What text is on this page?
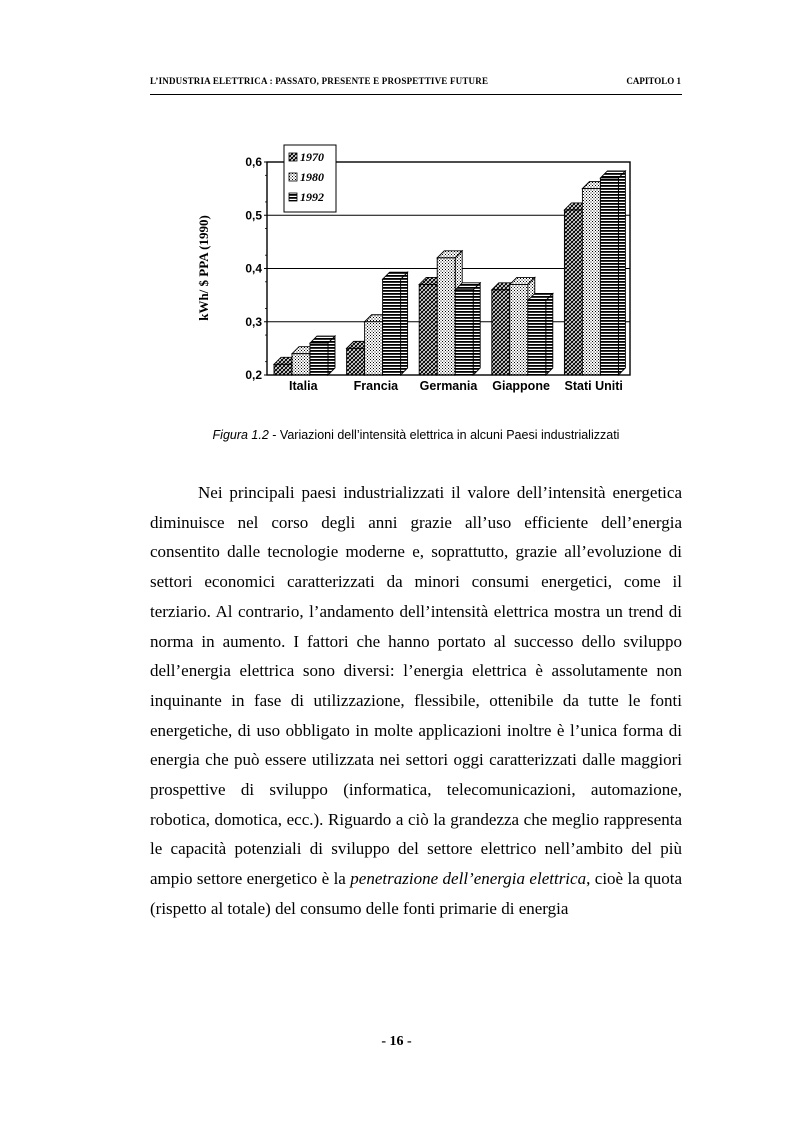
L’INDUSTRIA ELETTRICA : PASSATO, PRESENTE E PROSPETTIVE FUTURE	CAPITOLO 1
0,2
0,3
0,4
0,5
0,6
Italia	Francia Germania Giappone Stati Uniti
1970
1980
1992
kWh/ $ PPA (1990)
Figura 1.2 - Variazioni dell’intensità elettrica in alcuni Paesi industrializzati

Nei principali paesi industrializzati il valore dell’intensità energetica diminuisce nel corso degli anni grazie all’uso efficiente dell’energia consentito dalle tecnologie moderne e, soprattutto, grazie all’evoluzione di settori economici caratterizzati da minori consumi energetici, come il terziario. Al contrario, l’andamento dell’intensità elettrica mostra un trend di norma in aumento. I fattori che hanno portato al successo dello sviluppo dell’energia elettrica sono diversi: l’energia elettrica è assolutamente non inquinante in fase di utilizzazione, flessibile, ottenibile da tutte le fonti energetiche, di uso obbligato in molte applicazioni inoltre è l’unica forma di energia che può essere utilizzata nei settori oggi caratterizzati dalle maggiori prospettive di sviluppo (informatica, telecomunicazioni, automazione, robotica, domotica, ecc.). Riguardo a ciò la grandezza che meglio rappresenta le capacità potenziali di sviluppo del settore elettrico nell’ambito del più ampio settore energetico è la penetrazione dell’energia elettrica, cioè la quota (rispetto al totale) del consumo delle fonti primarie di energia

- 16 -
